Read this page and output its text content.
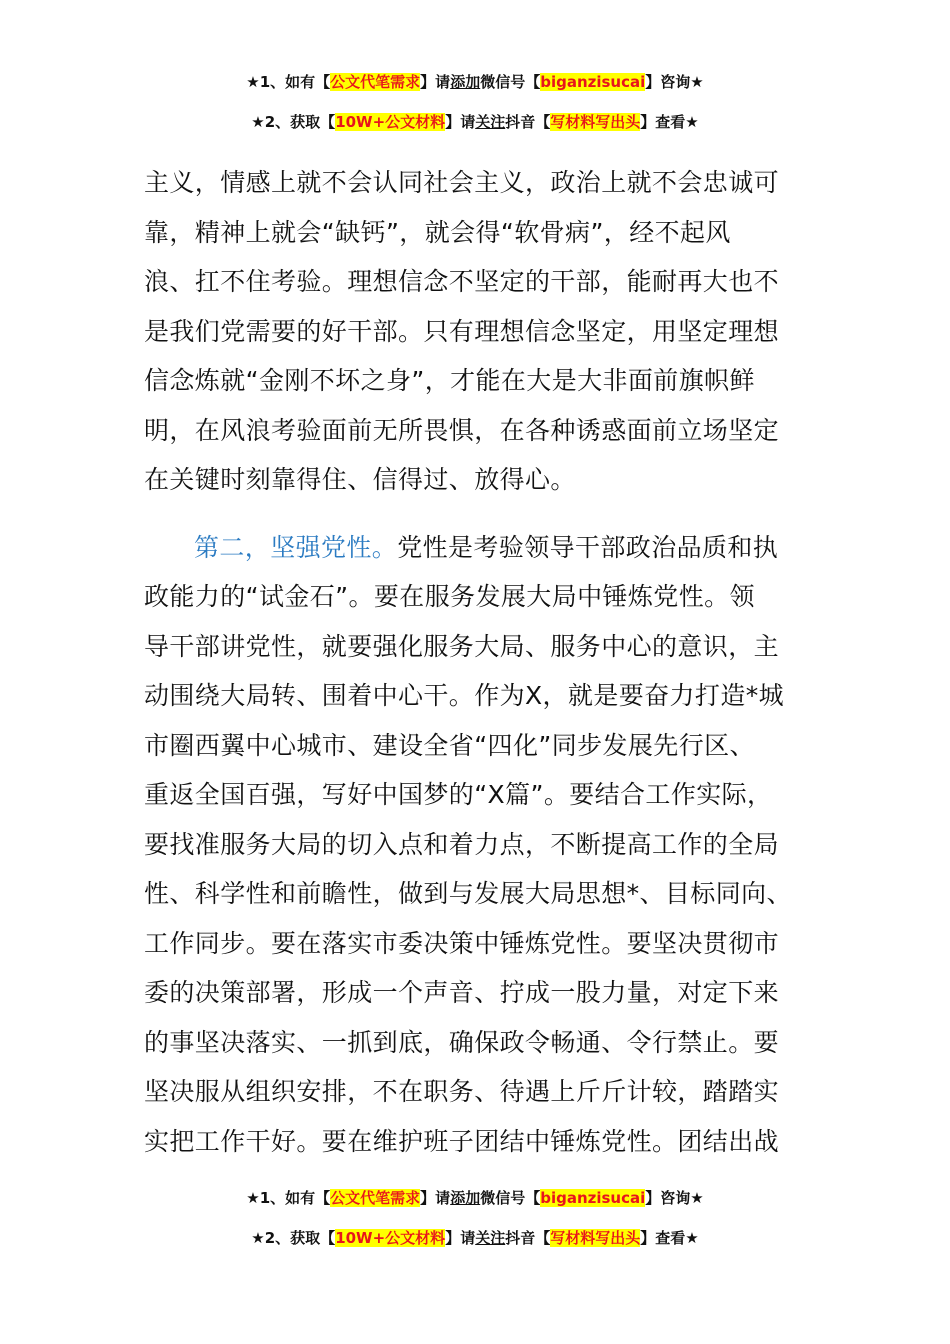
★1、如有【公文代笔需求】请添加微信号【biganzisucai】咨询★
★2、获取【10W+公文材料】请关注抖音【写材料写出头】查看★
主义，情感上就不会认同社会主义，政治上就不会忠诚可
靠，精神上就会“缺钙”，就会得“软骨病”，经不起风
浪、扛不住考验。理想信念不坚定的干部，能耐再大也不
是我们党需要的好干部。只有理想信念坚定，用坚定理想
信念炼就“金刚不坏之身”，才能在大是大非面前旗帜鲜
明，在风浪考验面前无所畏惧，在各种诱惑面前立场坚定
在关键时刻靠得住、信得过、放得心。
第二，坚强党性。党性是考验领导干部政治品质和执
政能力的“试金石”。要在服务发展大局中锤炼党性。领
导干部讲党性，就要强化服务大局、服务中心的意识，主
动围绕大局转、围着中心干。作为X，就是要奋力打造*城
市圈西翼中心城市、建设全省“四化”同步发展先行区、
重返全国百强，写好中国梦的“X篇”。要结合工作实际，
要找准服务大局的切入点和着力点，不断提高工作的全局
性、科学性和前瞻性，做到与发展大局思想*、目标同向、
工作同步。要在落实市委决策中锤炼党性。要坚决贯彻市
委的决策部署，形成一个声音、拧成一股力量，对定下来
的事坚决落实、一抓到底，确保政令畅通、令行禁止。要
坚决服从组织安排，不在职务、待遇上斤斤计较，踏踏实
实把工作干好。要在维护班子团结中锤炼党性。团结出战
★1、如有【公文代笔需求】请添加微信号【biganzisucai】咨询★
★2、获取【10W+公文材料】请关注抖音【写材料写出头】查看★
